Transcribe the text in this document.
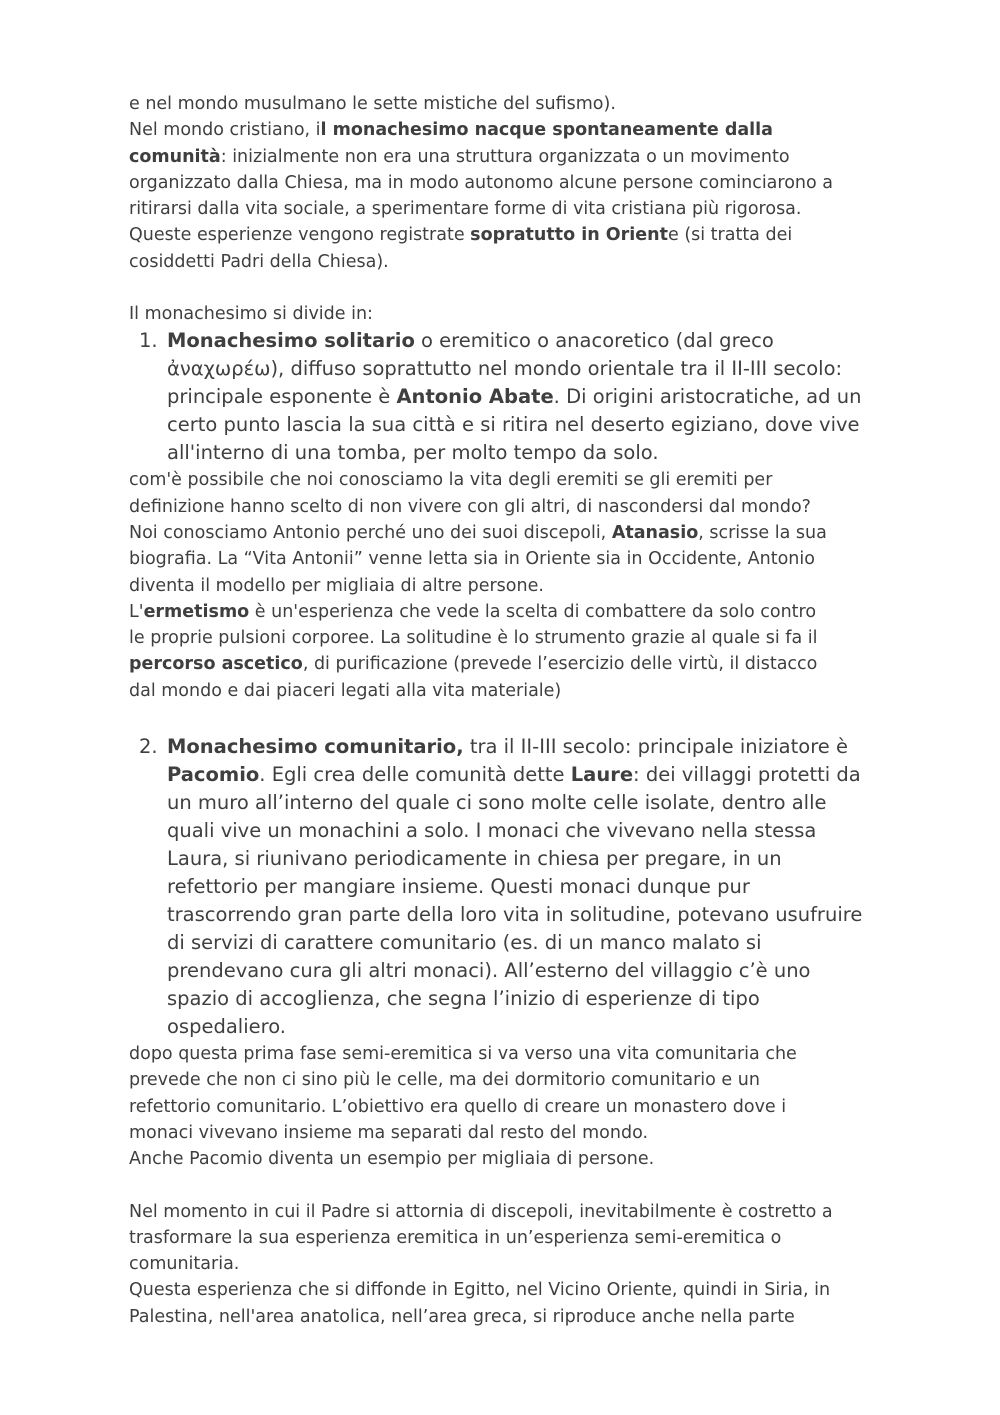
e nel mondo musulmano le sette mistiche del sufismo).

Nel mondo cristiano, il monachesimo nacque spontaneamente dalla

comunità: inizialmente non era una struttura organizzata o un movimento

organizzato dalla Chiesa, ma in modo autonomo alcune persone cominciarono a

ritirarsi dalla vita sociale, a sperimentare forme di vita cristiana più rigorosa.

Queste esperienze vengono registrate sopratutto in Oriente (si tratta dei

cosiddetti Padri della Chiesa).

Il monachesimo si divide in:

1. Monachesimo solitario o eremitico o anacoretico (dal greco
ἀναχωρέω), diffuso soprattutto nel mondo orientale tra il II-III secolo:
principale esponente è Antonio Abate. Di origini aristocratiche, ad un
certo punto lascia la sua città e si ritira nel deserto egiziano, dove vive
all'interno di una tomba, per molto tempo da solo.

com'è possibile che noi conosciamo la vita degli eremiti se gli eremiti per

definizione hanno scelto di non vivere con gli altri, di nascondersi dal mondo?

Noi conosciamo Antonio perché uno dei suoi discepoli, Atanasio, scrisse la sua

biografia. La “Vita Antonii” venne letta sia in Oriente sia in Occidente, Antonio

diventa il modello per migliaia di altre persone.

L'ermetismo è un'esperienza che vede la scelta di combattere da solo contro

le proprie pulsioni corporee. La solitudine è lo strumento grazie al quale si fa il

percorso ascetico, di purificazione (prevede l’esercizio delle virtù, il distacco

dal mondo e dai piaceri legati alla vita materiale)

2. Monachesimo comunitario, tra il II-III secolo: principale iniziatore è
Pacomio. Egli crea delle comunità dette Laure: dei villaggi protetti da
un muro all’interno del quale ci sono molte celle isolate, dentro alle
quali vive un monachini a solo. I monaci che vivevano nella stessa
Laura, si riunivano periodicamente in chiesa per pregare, in un
refettorio per mangiare insieme. Questi monaci dunque pur
trascorrendo gran parte della loro vita in solitudine, potevano usufruire
di servizi di carattere comunitario (es. di un manco malato si
prendevano cura gli altri monaci). All’esterno del villaggio c’è uno
spazio di accoglienza, che segna l’inizio di esperienze di tipo
ospedaliero.

dopo questa prima fase semi-eremitica si va verso una vita comunitaria che

prevede che non ci sino più le celle, ma dei dormitorio comunitario e un

refettorio comunitario. L’obiettivo era quello di creare un monastero dove i

monaci vivevano insieme ma separati dal resto del mondo.

Anche Pacomio diventa un esempio per migliaia di persone.

Nel momento in cui il Padre si attornia di discepoli, inevitabilmente è costretto a

trasformare la sua esperienza eremitica in un’esperienza semi-eremitica o

comunitaria.

Questa esperienza che si diffonde in Egitto, nel Vicino Oriente, quindi in Siria, in

Palestina, nell'area anatolica, nell’area greca, si riproduce anche nella parte
